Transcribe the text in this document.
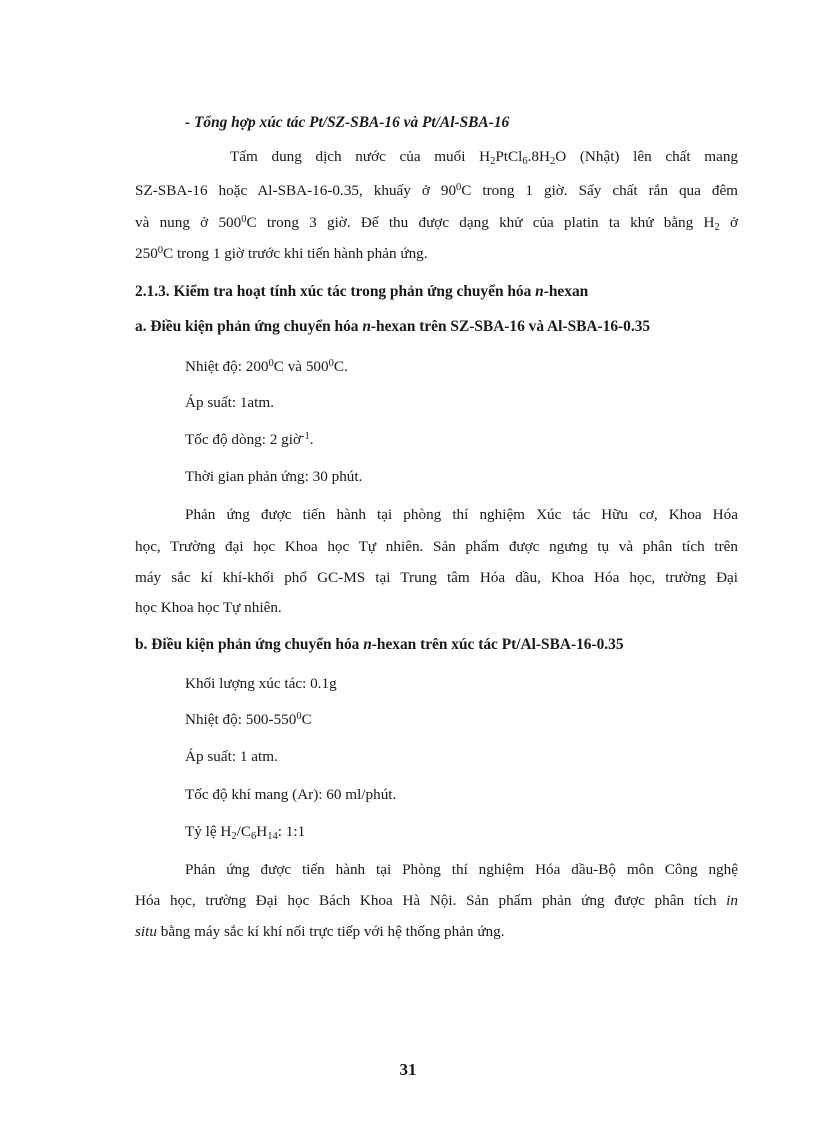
- Tổng hợp xúc tác Pt/SZ-SBA-16 và Pt/Al-SBA-16
Tẩm dung dịch nước của muối $H_2PtCl_6.8H_2O$ (Nhật) lên chất mang
SZ-SBA-16 hoặc Al-SBA-16-0.35, khuấy ở $90^0C$ trong 1 giờ. Sấy chất rắn qua đêm
và nung ở $500^0C$ trong 3 giờ. Để thu được dạng khử của platin ta khử bằng $H_2$ ở
$250^0C$ trong 1 giờ trước khi tiến hành phản ứng.
2.1.3. Kiểm tra hoạt tính xúc tác trong phản ứng chuyển hóa n-hexan
a. Điều kiện phản ứng chuyển hóa n-hexan trên SZ-SBA-16 và Al-SBA-16-0.35
Nhiệt độ: $200^0C$ và $500^0C$.
Áp suất: 1atm.
Tốc độ dòng: 2 giờ$^{-1}$.
Thời gian phản ứng: 30 phút.
Phản ứng được tiến hành tại phòng thí nghiệm Xúc tác Hữu cơ, Khoa Hóa
học, Trường đại học Khoa học Tự nhiên. Sản phẩm được ngưng tụ và phân tích trên
máy sắc kí khí-khối phổ GC-MS tại Trung tâm Hóa dầu, Khoa Hóa học, trường Đại
học Khoa học Tự nhiên.
b. Điều kiện phản ứng chuyển hóa n-hexan trên xúc tác Pt/Al-SBA-16-0.35
Khối lượng xúc tác: 0.1g
Nhiệt độ: $500-550^0C$
Áp suất: 1 atm.
Tốc độ khí mang (Ar): 60 ml/phút.
Tỷ lệ $H_2/C_6H_{14}$: 1:1
Phản ứng được tiến hành tại Phòng thí nghiệm Hóa dầu-Bộ môn Công nghệ
Hóa học, trường Đại học Bách Khoa Hà Nội. Sản phẩm phản ứng được phân tích in
situ bằng máy sắc kí khí nối trực tiếp với hệ thống phản ứng.
31
